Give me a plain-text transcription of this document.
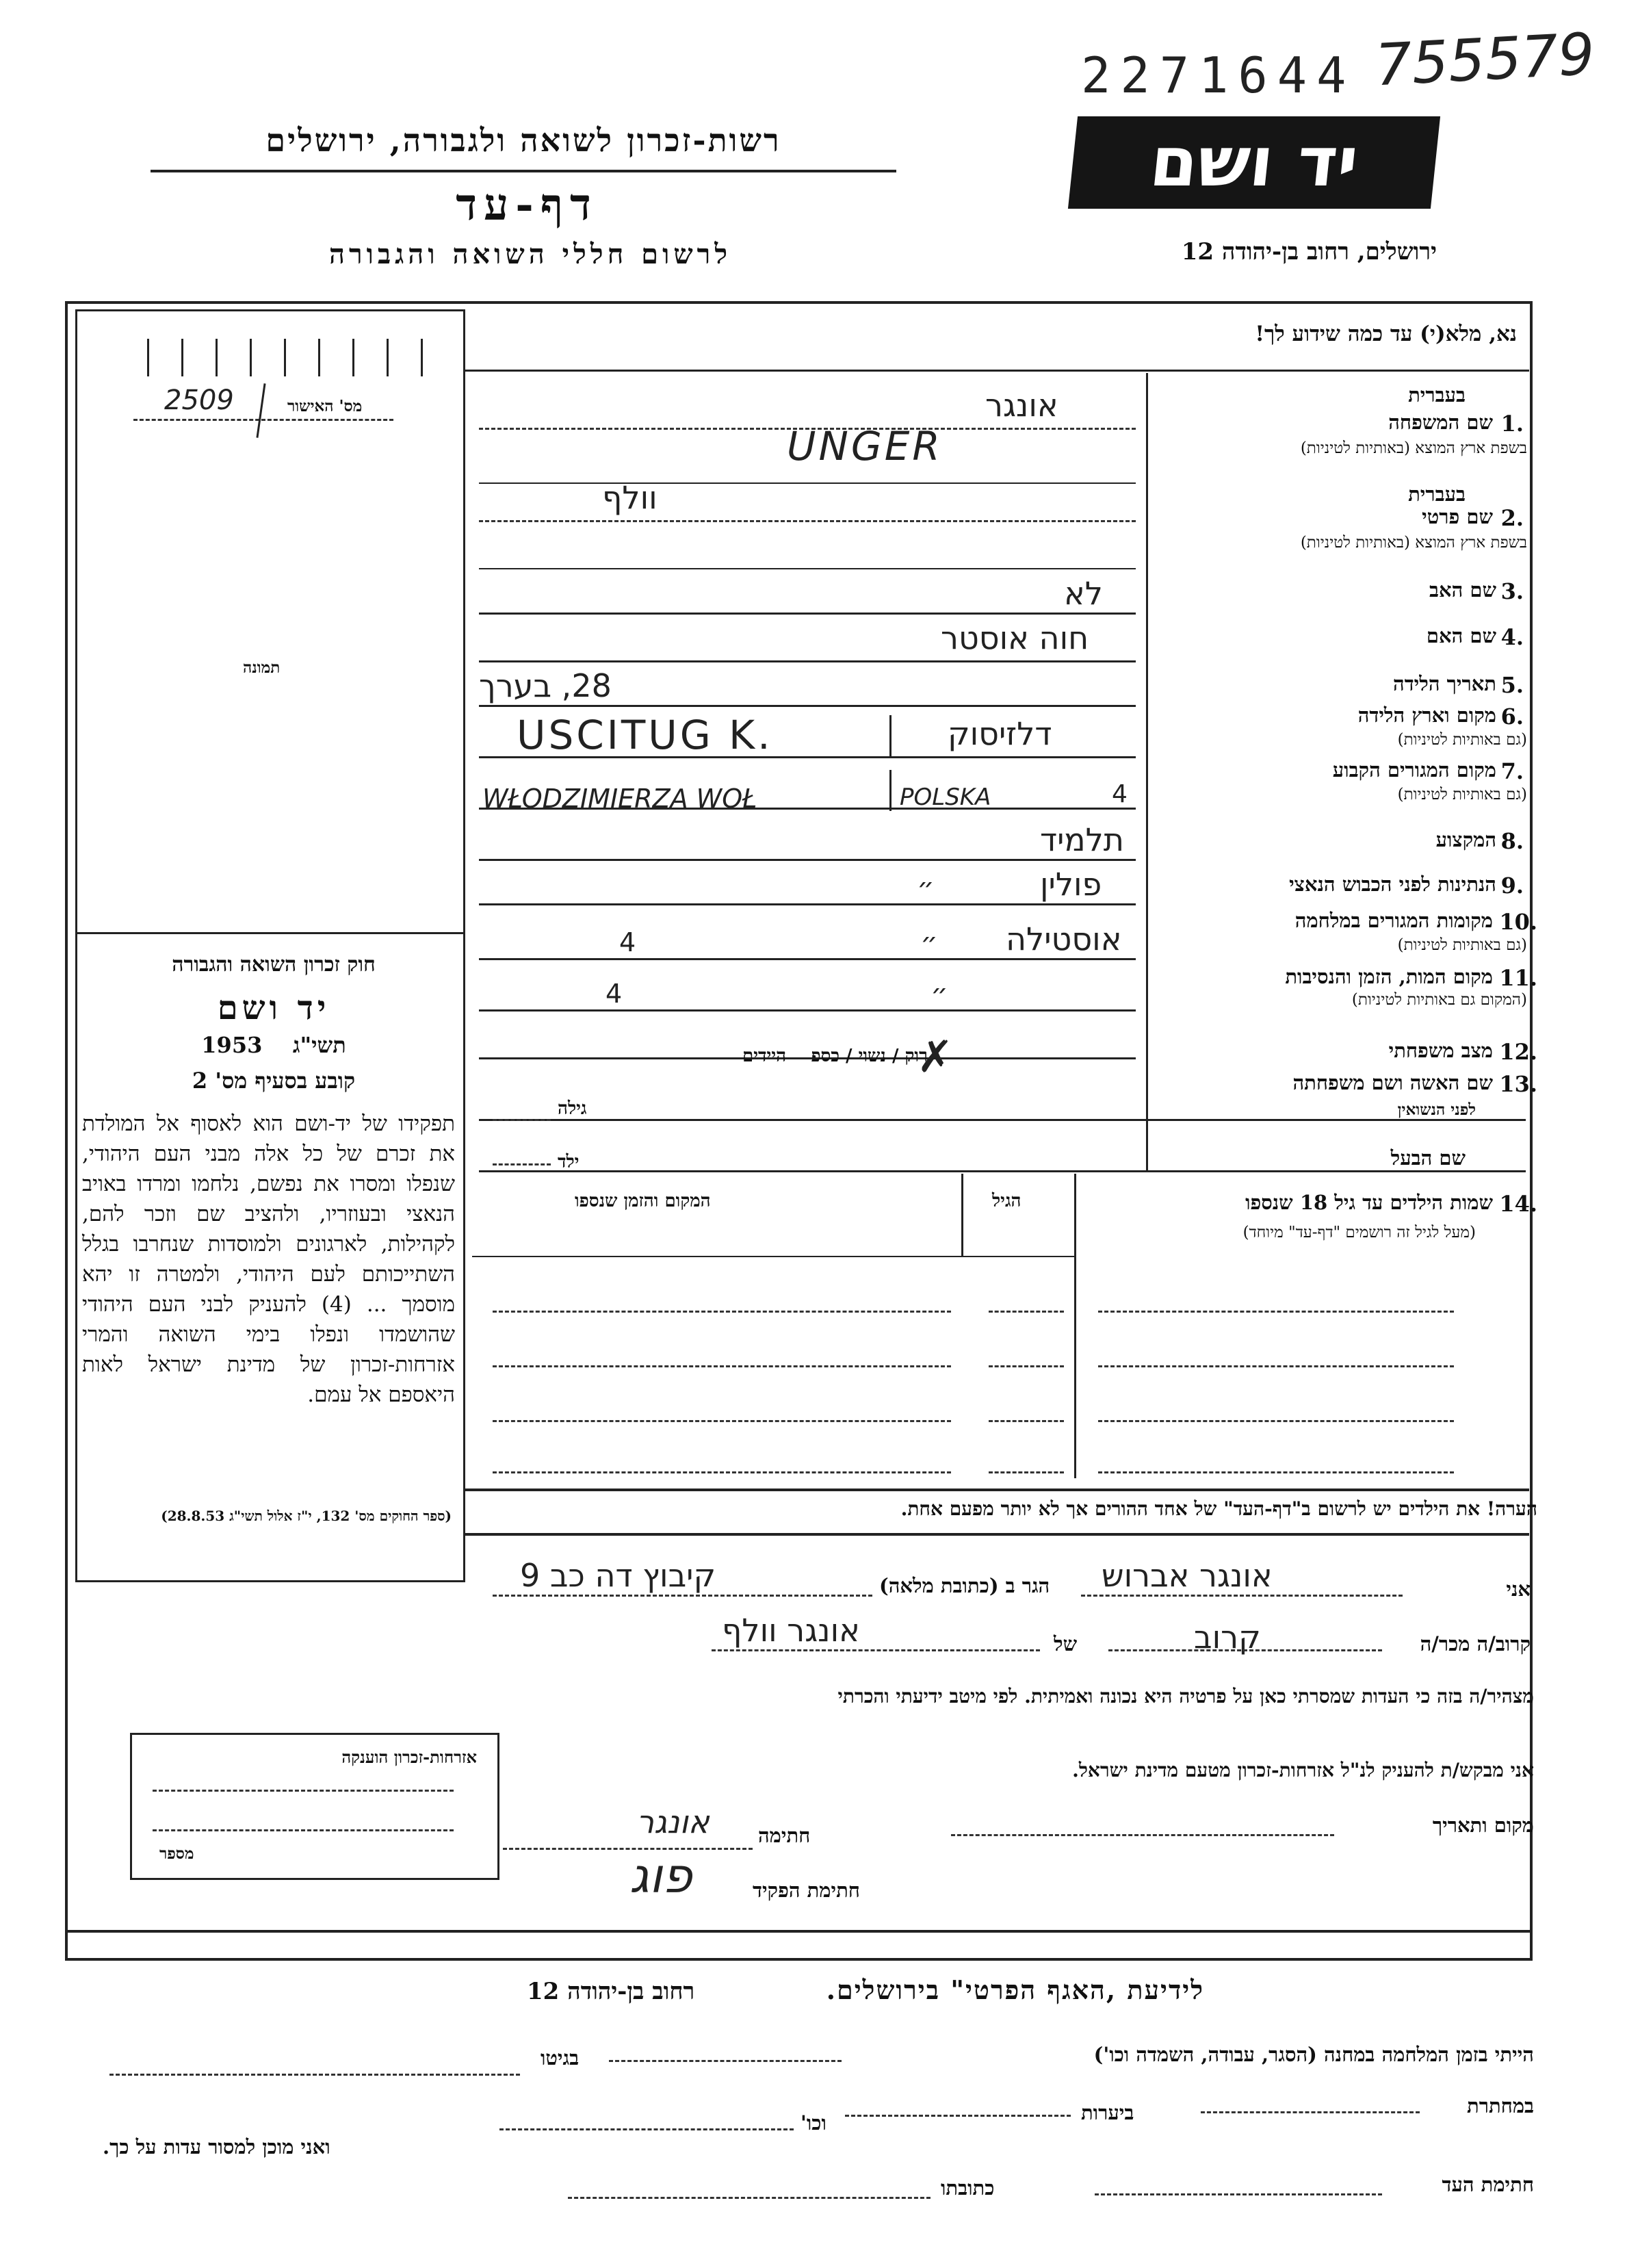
2271644 755579
יד ושם
רשות-זכרון לשואה ולגבורה, ירושלים
דף-עד
לרשום חללי השואה והגבורה	ירושלים, רחוב בן-יהודה 12
נא, מלא(י) עד כמה שידוע לך!
מס' האישור
2509
תמונה
חוק זכרון השואה והגבורה
יד ושם
1953 תשי"ג
קובע בסעיף מס' 2
תפקידו של יד-ושם הוא לאסוף אל המולדת את זכרם של כל אלה מבני העם היהודי, שנפלו ומסרו את נפשם, נלחמו ומרדו באויב הנאצי ובעוזריו, ולהציב שם וזכר להם, לקהילות, לארגונים ולמוסדות שנחרבו בגלל השתייכותם לעם היהודי, ולמטרה זו יהא מוסמך ... (4) להעניק לבני העם היהודי שהושמדו ונפלו בימי השואה והמרי אזרחות-זכרון של מדינת ישראל לאות היאספם אל עמם.
(ספר החוקים מס' 132, י"ז אלול תשי"ג 28.8.53)
אזרחות-זכרון הוענקה
מספר
בעברית
1.
שם המשפחה
בשפת ארץ המוצא (באותיות לטיניות)
אונגר
UNGER
בעברית
2.
שם פרטי
בשפת ארץ המוצא (באותיות לטיניות)
וולף
3.
שם האב
לא
4.
שם האם
חוה אוסטר
5.
תאריך הלידה
28, בערך
6.
מקום וארץ הלידה
(גם באותיות לטיניות)
USCITUG K.	דלזיסוק
7.
מקום המגורים הקבוע
(גם באותיות לטיניות)
WŁODZIMIERZA WOŁ	POLSKA	4
8.
המקצוע
תלמיד
9.
הנתינות לפני הכבוש הנאצי
פולין
״
10.
מקומות המגורים במלחמה
(גם באותיות לטיניות)
אוסטילה
״
4
11.
מקום המות, הזמן והנסיבות
(המקום גם באותיות לטיניות)
״
4
12.
מצב משפחתי
רוק / נשוי / כספ    היידים
✗
13.
שם האשה ושם משפחתה
לפני הנשואין
גילה
ילד	שם הבעל
14.
שמות הילדים עד גיל 18 שנספו
(מעל לגיל זה רושמים "דף-עד" מיוחד)
הגיל
המקום והזמן שנספו
הערה! את הילדים יש לרשום ב"דף-העד" של אחד ההורים אך לא יותר מפעם אחת.
אני
אונגר אברוש
הגר ב (כתובת מלאה)
קיבוץ דה כב 9
קרוב/ה מכר/ה
קרוב
של
אונגר וולף
מצהיר/ה בזה כי העדות שמסרתי כאן על פרטיה היא נכונה ואמיתית. לפי מיטב ידיעתי והכרתי
אני מבקש/ת להעניק לנ"ל אזרחות-זכרון מטעם מדינת ישראל.
מקום ותאריך
חתימה
אונגר
חתימת הפקיד
פוג
לידיעת ,האגף הפרטי" בירושלים.
רחוב בן-יהודה 12
הייתי בזמן המלחמה במחנה (הסגר, עבודה, השמדה וכו')
בגיטו
במחתרת
ביערות
וכו'
ואני מוכן למסור עדות על כך.
חתימת העד
כתובתו
